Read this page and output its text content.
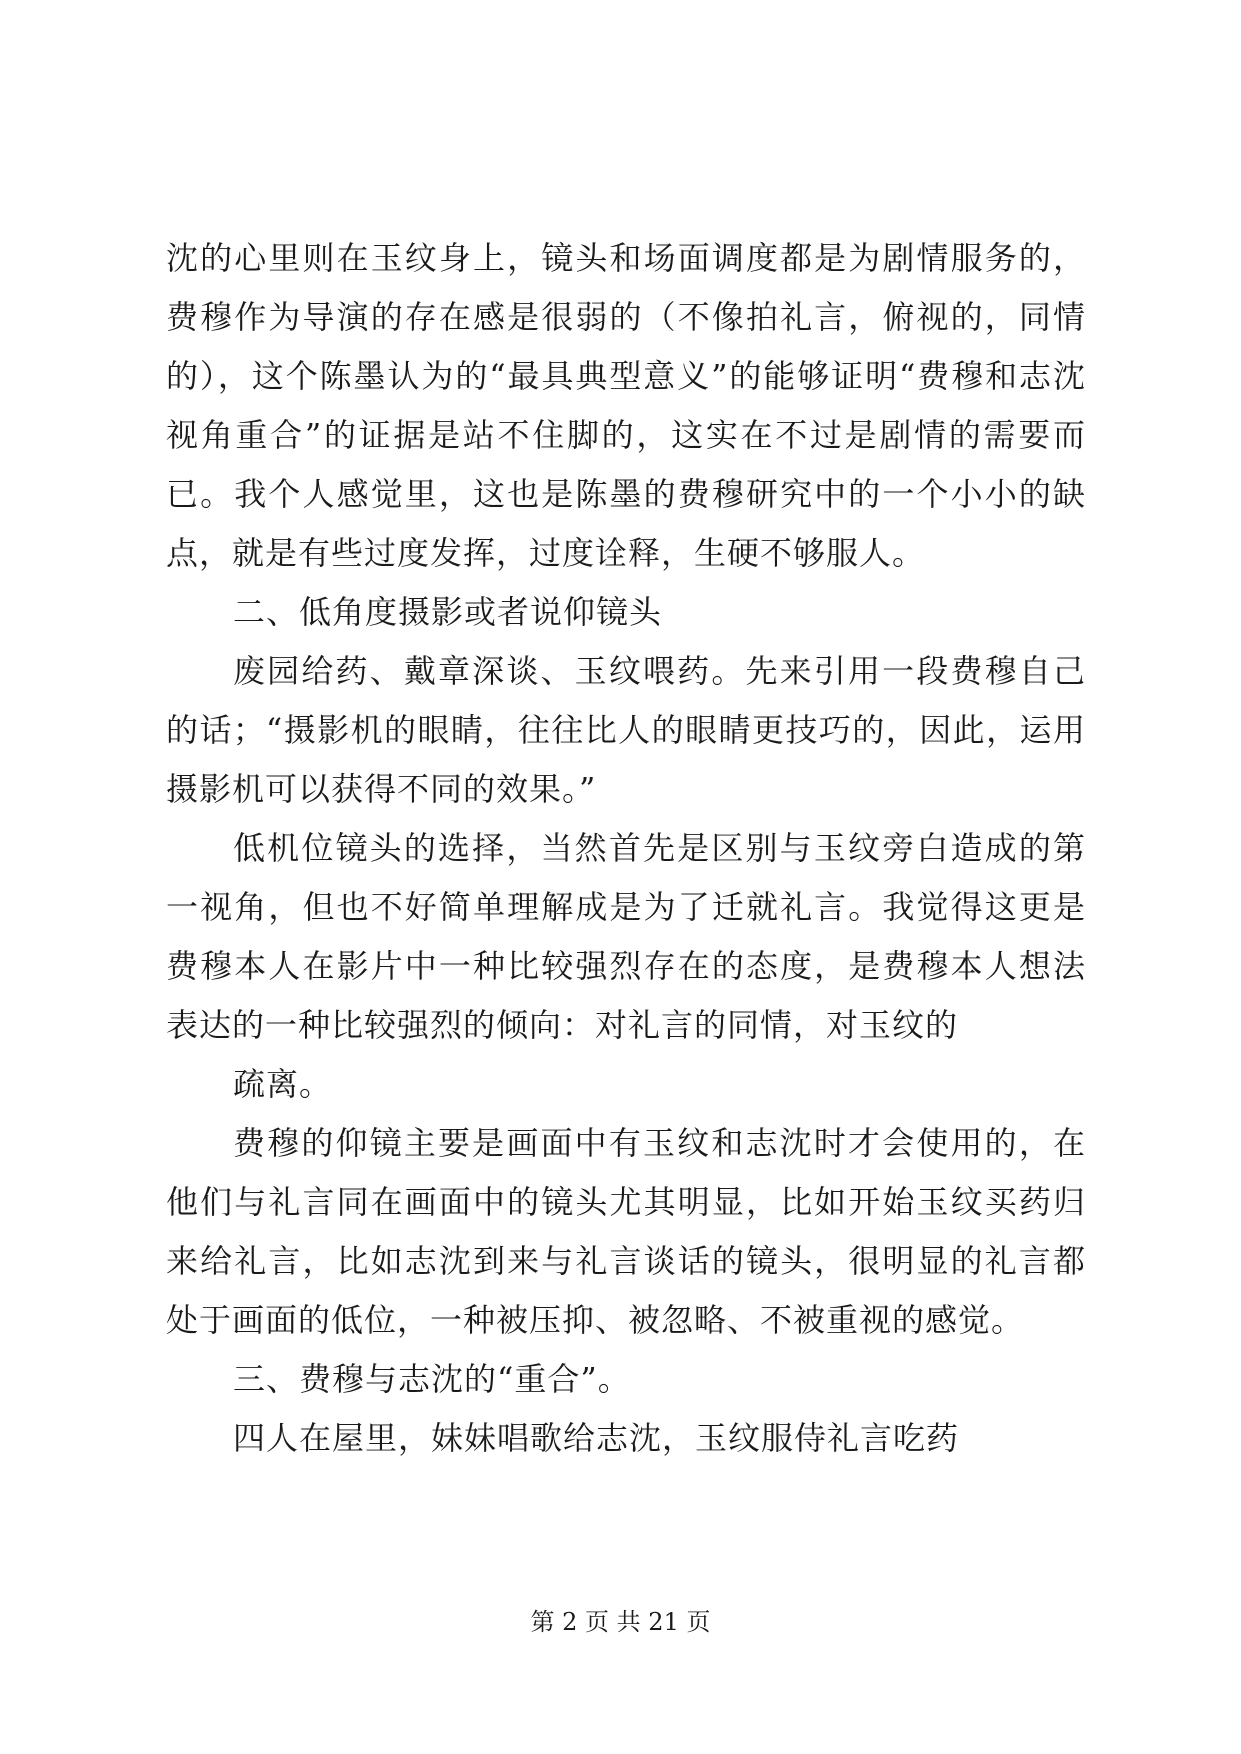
沈的心里则在玉纹身上，镜头和场面调度都是为剧情服务的，费穆作为导演的存在感是很弱的（不像拍礼言，俯视的，同情的），这个陈墨认为的“最具典型意义”的能够证明“费穆和志沈视角重合”的证据是站不住脚的，这实在不过是剧情的需要而已。我个人感觉里，这也是陈墨的费穆研究中的一个小小的缺点，就是有些过度发挥，过度诠释，生硬不够服人。

二、低角度摄影或者说仰镜头

废园给药、戴章深谈、玉纹喂药。先来引用一段费穆自己的话；“摄影机的眼睛，往往比人的眼睛更技巧的，因此，运用摄影机可以获得不同的效果。”

低机位镜头的选择，当然首先是区别与玉纹旁白造成的第一视角，但也不好简单理解成是为了迁就礼言。我觉得这更是费穆本人在影片中一种比较强烈存在的态度，是费穆本人想法表达的一种比较强烈的倾向：对礼言的同情，对玉纹的

疏离。

费穆的仰镜主要是画面中有玉纹和志沈时才会使用的，在他们与礼言同在画面中的镜头尤其明显，比如开始玉纹买药归来给礼言，比如志沈到来与礼言谈话的镜头，很明显的礼言都处于画面的低位，一种被压抑、被忽略、不被重视的感觉。

三、费穆与志沈的“重合”。

四人在屋里，妹妹唱歌给志沈，玉纹服侍礼言吃药

第 2 页 共 21 页
